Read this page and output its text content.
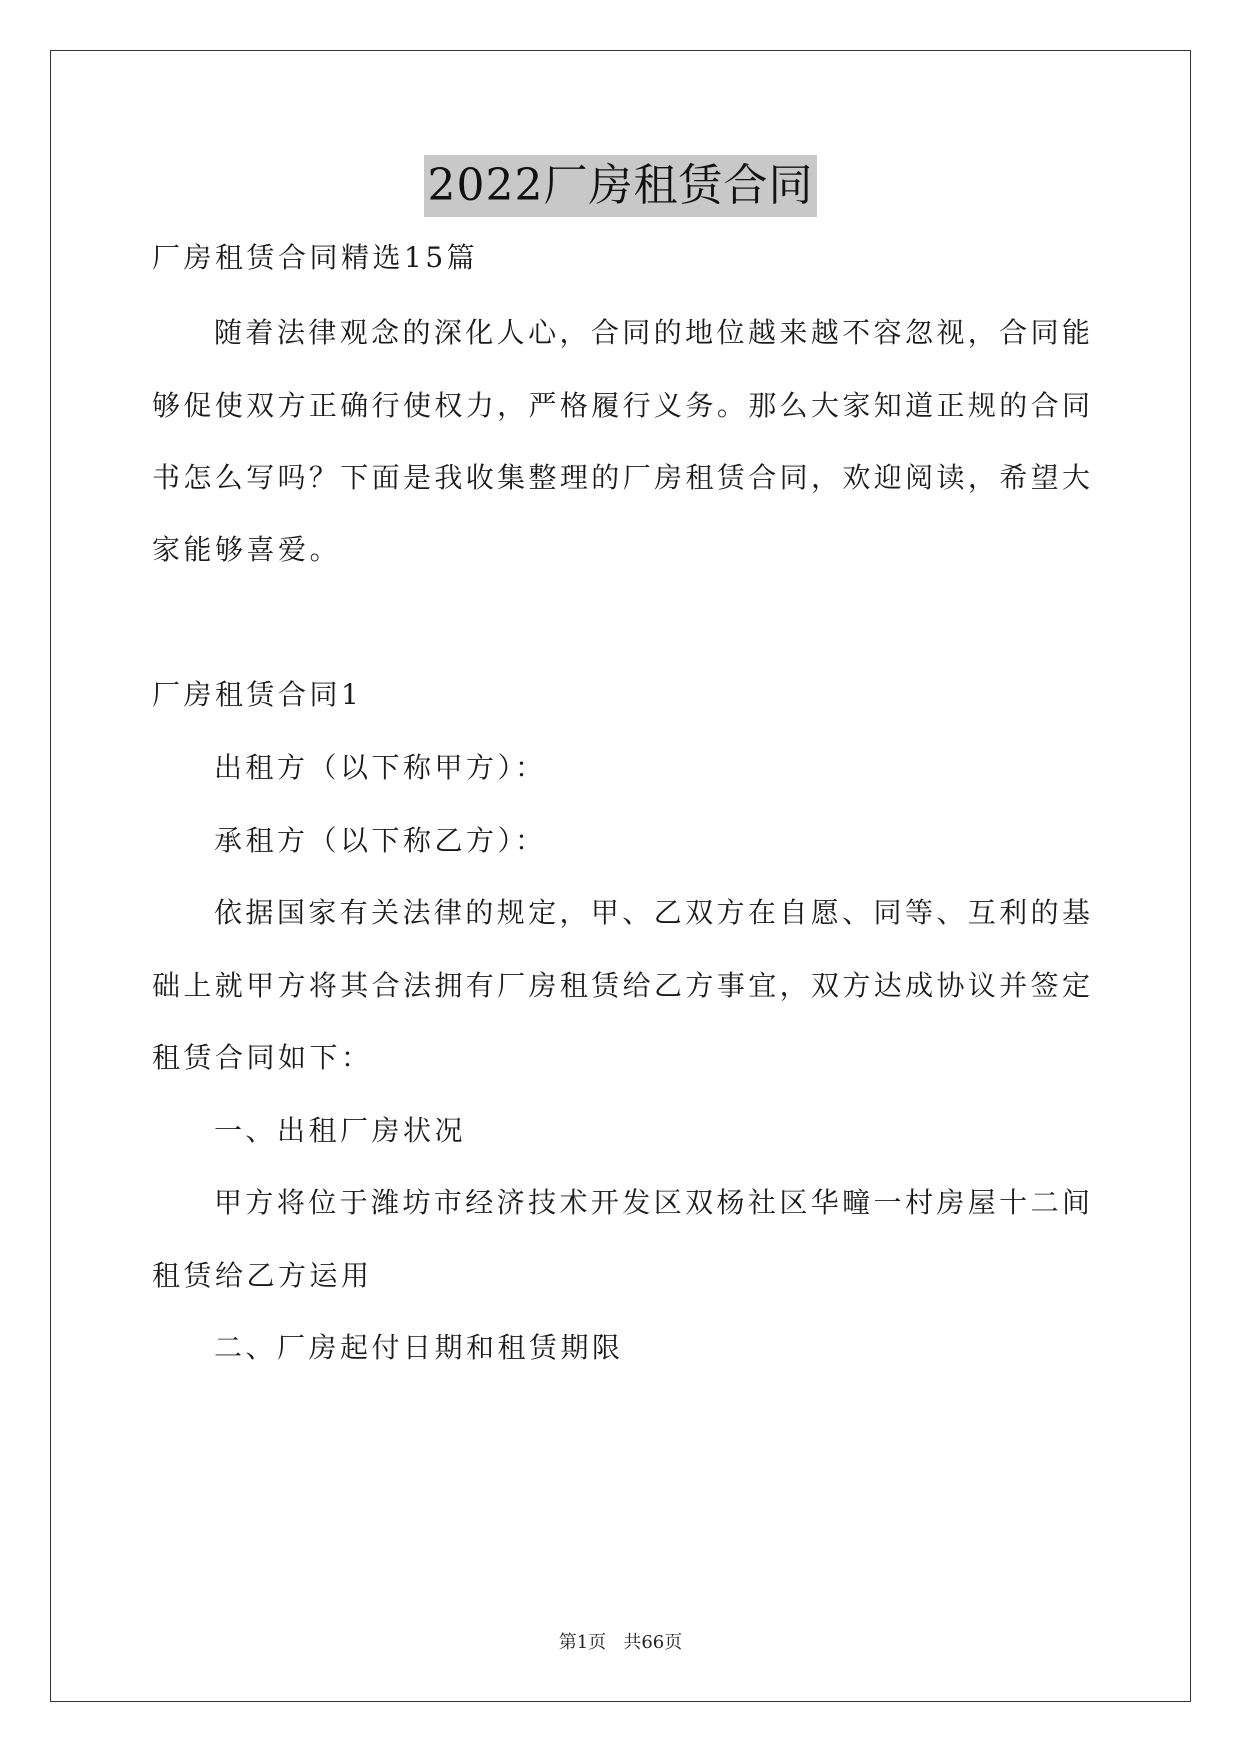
2022厂房租赁合同
厂房租赁合同精选15篇
随着法律观念的深化人心，合同的地位越来越不容忽视，合同能
够促使双方正确行使权力，严格履行义务。那么大家知道正规的合同
书怎么写吗？下面是我收集整理的厂房租赁合同，欢迎阅读，希望大
家能够喜爱。
厂房租赁合同1
出租方（以下称甲方）：
承租方（以下称乙方）：
依据国家有关法律的规定，甲、乙双方在自愿、同等、互利的基
础上就甲方将其合法拥有厂房租赁给乙方事宜，双方达成协议并签定
租赁合同如下：
一、出租厂房状况
甲方将位于潍坊市经济技术开发区双杨社区华疃一村房屋十二间
租赁给乙方运用
二、厂房起付日期和租赁期限
第1页   共66页
